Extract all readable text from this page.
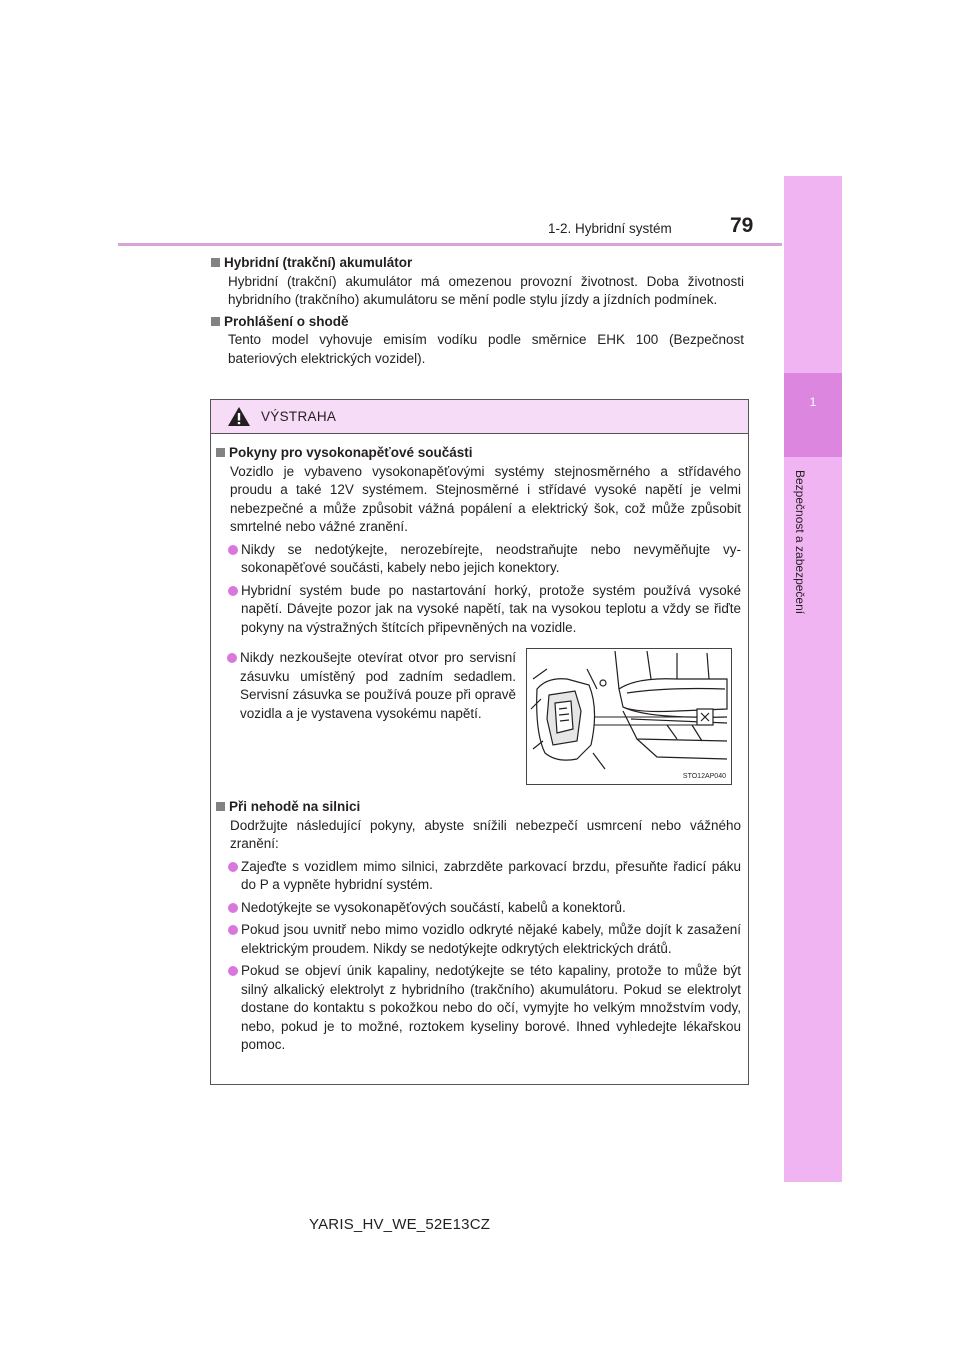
1-2. Hybridní systém	79
1
Bezpečnost a zabezpečení
Hybridní (trakční) akumulátor
Hybridní (trakční) akumulátor má omezenou provozní životnost. Doba životnosti hybridního (trakčního) akumulátoru se mění podle stylu jízdy a jízdních podmínek.
Prohlášení o shodě
Tento model vyhovuje emisím vodíku podle směrnice EHK 100 (Bezpečnost bateriových elektrických vozidel).
VÝSTRAHA
Pokyny pro vysokonapěťové součásti
Vozidlo je vybaveno vysokonapěťovými systémy stejnosměrného a střídavého proudu a také 12V systémem. Stejnosměrné i střídavé vysoké napětí je velmi nebezpečné a může způsobit vážná popálení a elektrický šok, což může způsobit smrtelné nebo vážné zranění.
Nikdy se nedotýkejte, nerozebírejte, neodstraňujte nebo nevyměňujte vysokonapěťové součásti, kabely nebo jejich konektory.
Hybridní systém bude po nastartování horký, protože systém používá vysoké napětí. Dávejte pozor jak na vysoké napětí, tak na vysokou teplotu a vždy se řiďte pokyny na výstražných štítcích připevněných na vozidle.
Při nehodě na silnici
Dodržujte následující pokyny, abyste snížili nebezpečí usmrcení nebo vážného zranění:
Zajeďte s vozidlem mimo silnici, zabrzděte parkovací brzdu, přesuňte řadicí páku do P a vypněte hybridní systém.
Nedotýkejte se vysokonapěťových součástí, kabelů a konektorů.
Pokud jsou uvnitř nebo mimo vozidlo odkryté nějaké kabely, může dojít k zasažení elektrickým proudem. Nikdy se nedotýkejte odkrytých elektrických drátů.
Pokud se objeví únik kapaliny, nedotýkejte se této kapaliny, protože to může být silný alkalický elektrolyt z hybridního (trakčního) akumulátoru. Pokud se elektrolyt dostane do kontaktu s pokožkou nebo do očí, vymyjte ho velkým množstvím vody, nebo, pokud je to možné, roztokem kyseliny borové. Ihned vyhledejte lékařskou pomoc.
Nikdy nezkoušejte otevírat otvor pro servisní zásuvku umístěný pod zadním sedadlem. Servisní zásuvka se používá pouze při opravě vozidla a je vystavena vysokému napětí.
STO12AP040
YARIS_HV_WE_52E13CZ
